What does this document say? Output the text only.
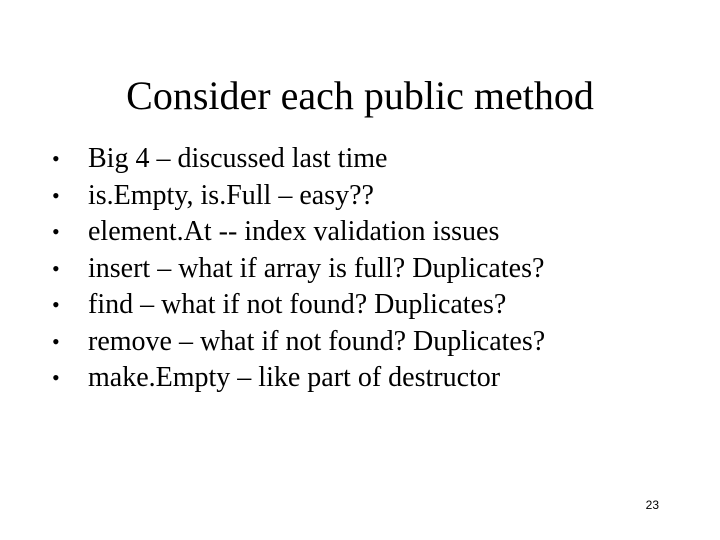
Consider each public method
•	Big 4 – discussed last time
•	is.Empty, is.Full – easy??
•	element.At -- index validation issues
•	insert – what if array is full? Duplicates?
•	find – what if not found? Duplicates?
•	remove – what if not found? Duplicates?
•	make.Empty – like part of destructor
23
